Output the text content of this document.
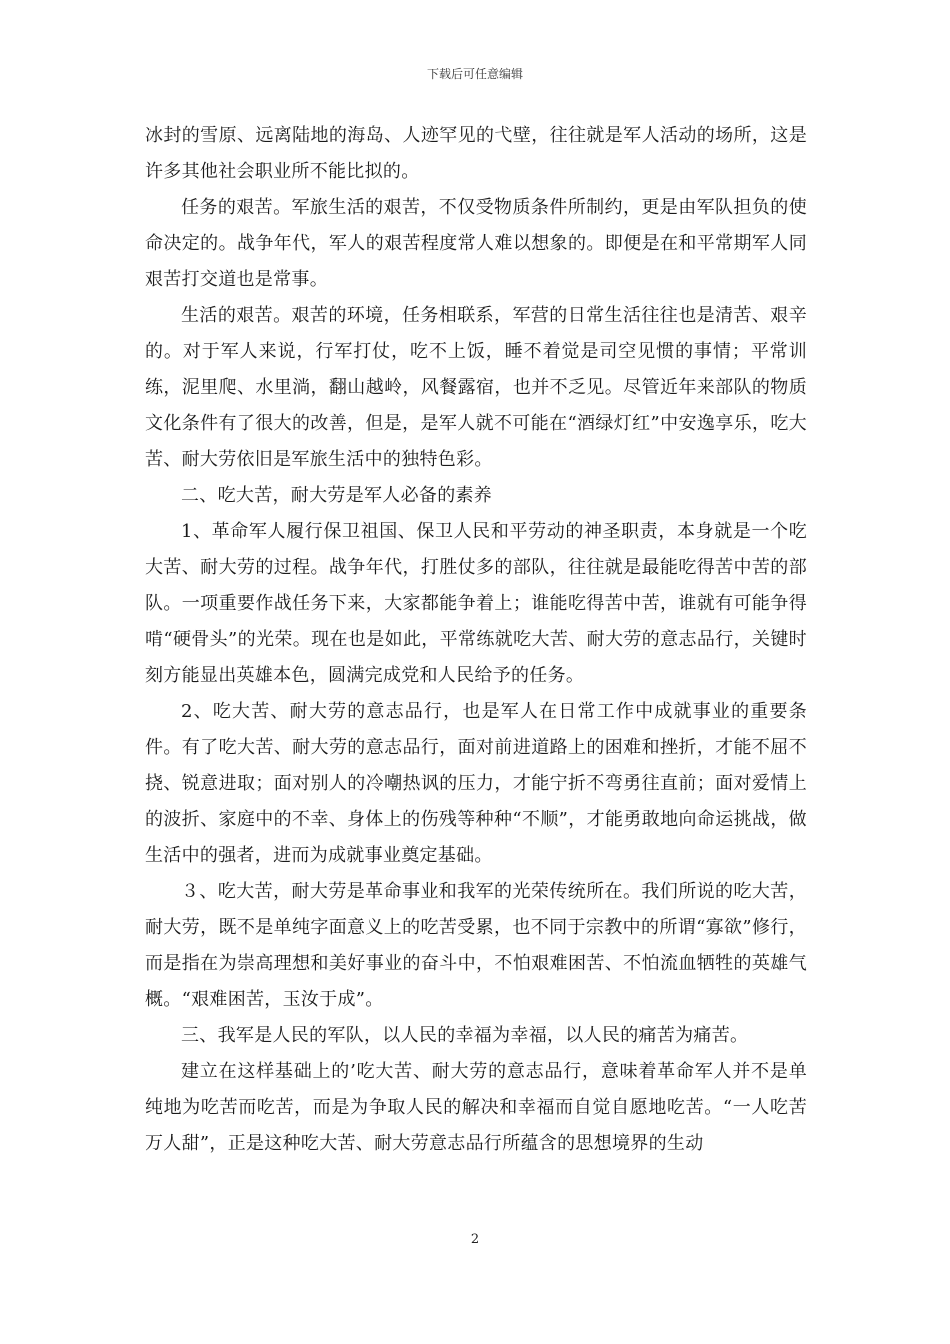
下载后可任意编辑

冰封的雪原、远离陆地的海岛、人迹罕见的弋壁，往往就是军人活动的场所，这是许多其他社会职业所不能比拟的。

任务的艰苦。军旅生活的艰苦，不仅受物质条件所制约，更是由军队担负的使命决定的。战争年代，军人的艰苦程度常人难以想象的。即便是在和平常期军人同艰苦打交道也是常事。

生活的艰苦。艰苦的环境，任务相联系，军营的日常生活往往也是清苦、艰辛的。对于军人来说，行军打仗，吃不上饭，睡不着觉是司空见惯的事情；平常训练，泥里爬、水里淌，翻山越岭，风餐露宿，也并不乏见。尽管近年来部队的物质文化条件有了很大的改善，但是，是军人就不可能在“酒绿灯红”中安逸享乐，吃大苦、耐大劳依旧是军旅生活中的独特色彩。

二、吃大苦，耐大劳是军人必备的素养

1、革命军人履行保卫祖国、保卫人民和平劳动的神圣职责，本身就是一个吃大苦、耐大劳的过程。战争年代，打胜仗多的部队，往往就是最能吃得苦中苦的部队。一项重要作战任务下来，大家都能争着上；谁能吃得苦中苦，谁就有可能争得啃“硬骨头”的光荣。现在也是如此，平常练就吃大苦、耐大劳的意志品行，关键时刻方能显出英雄本色，圆满完成党和人民给予的任务。

2、吃大苦、耐大劳的意志品行，也是军人在日常工作中成就事业的重要条件。有了吃大苦、耐大劳的意志品行，面对前进道路上的困难和挫折，才能不屈不挠、锐意进取；面对别人的冷嘲热讽的压力，才能宁折不弯勇往直前；面对爱情上的波折、家庭中的不幸、身体上的伤残等种种“不顺”，才能勇敢地向命运挑战，做生活中的强者，进而为成就事业奠定基础。

３、吃大苦，耐大劳是革命事业和我军的光荣传统所在。我们所说的吃大苦，耐大劳，既不是单纯字面意义上的吃苦受累，也不同于宗教中的所谓“寡欲”修行，而是指在为崇高理想和美好事业的奋斗中，不怕艰难困苦、不怕流血牺牲的英雄气概。“艰难困苦，玉汝于成”。

三、我军是人民的军队，以人民的幸福为幸福，以人民的痛苦为痛苦。

建立在这样基础上的’吃大苦、耐大劳的意志品行，意味着革命军人并不是单纯地为吃苦而吃苦，而是为争取人民的解决和幸福而自觉自愿地吃苦。“一人吃苦万人甜”，正是这种吃大苦、耐大劳意志品行所蕴含的思想境界的生动

2
